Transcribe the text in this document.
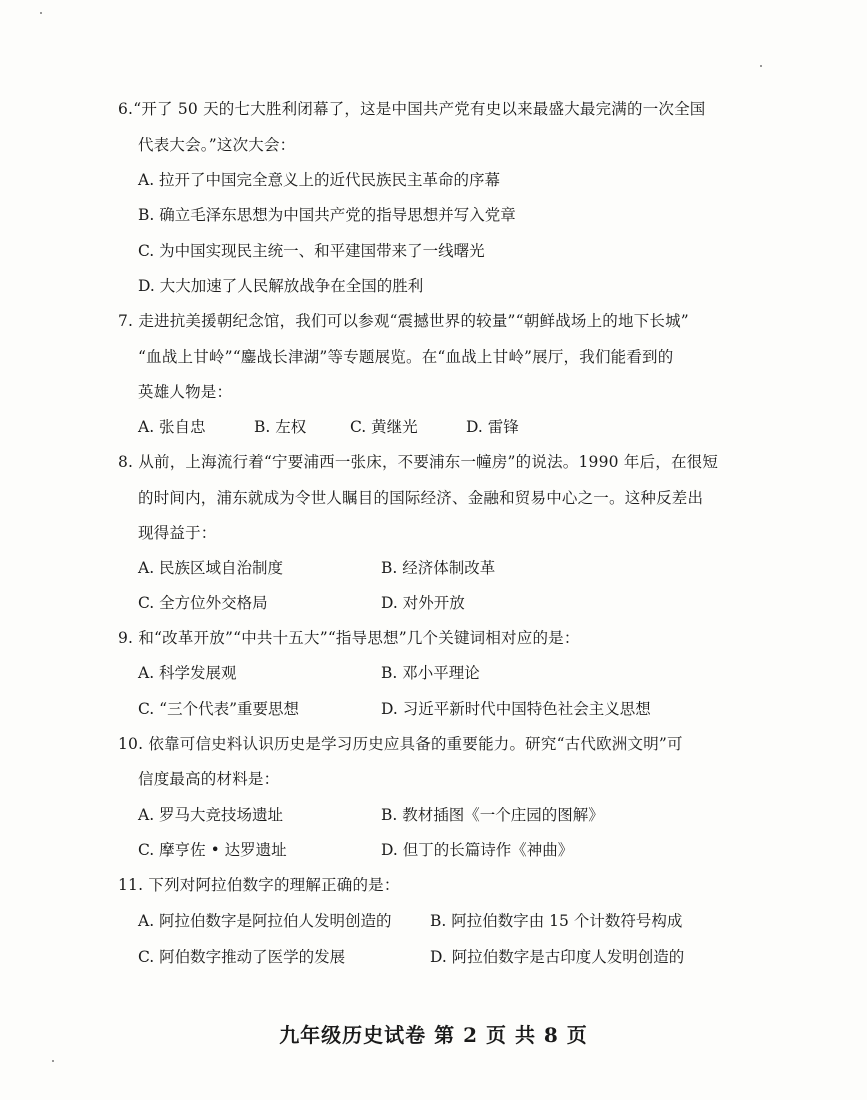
6.“开了 50 天的七大胜利闭幕了，这是中国共产党有史以来最盛大最完满的一次全国
代表大会。”这次大会：
A. 拉开了中国完全意义上的近代民族民主革命的序幕
B. 确立毛泽东思想为中国共产党的指导思想并写入党章
C. 为中国实现民主统一、和平建国带来了一线曙光
D. 大大加速了人民解放战争在全国的胜利
7. 走进抗美援朝纪念馆，我们可以参观“震撼世界的较量”“朝鲜战场上的地下长城”
“血战上甘岭”“鏖战长津湖”等专题展览。在“血战上甘岭”展厅，我们能看到的
英雄人物是：
A. 张自忠	B. 左权	C. 黄继光	D. 雷锋
8. 从前，上海流行着“宁要浦西一张床，不要浦东一幢房”的说法。1990 年后，在很短
的时间内，浦东就成为令世人瞩目的国际经济、金融和贸易中心之一。这种反差出
现得益于：
A. 民族区域自治制度	B. 经济体制改革
C. 全方位外交格局	D. 对外开放
9. 和“改革开放”“中共十五大”“指导思想”几个关键词相对应的是：
A. 科学发展观	B. 邓小平理论
C. “三个代表”重要思想	D. 习近平新时代中国特色社会主义思想
10. 依靠可信史料认识历史是学习历史应具备的重要能力。研究“古代欧洲文明”可
信度最高的材料是：
A. 罗马大竞技场遗址	B. 教材插图《一个庄园的图解》
C. 摩亨佐 • 达罗遗址	D. 但丁的长篇诗作《神曲》
11. 下列对阿拉伯数字的理解正确的是：
A. 阿拉伯数字是阿拉伯人发明创造的 B. 阿拉伯数字由 15 个计数符号构成
C. 阿伯数字推动了医学的发展	D. 阿拉伯数字是古印度人发明创造的
九年级历史试卷 第 2 页 共 8 页
